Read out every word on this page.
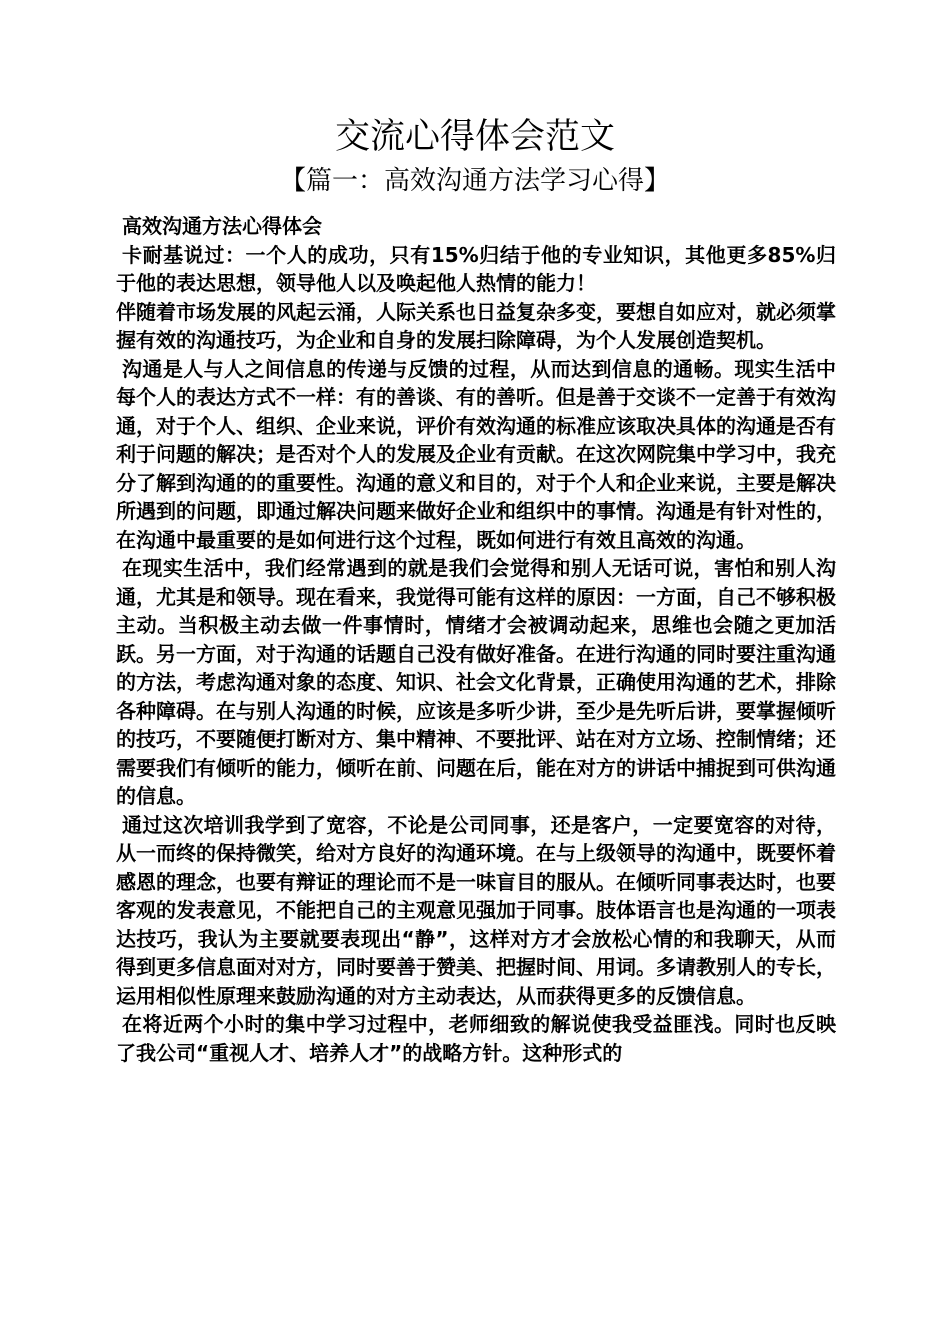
交流心得体会范文
【篇一：高效沟通方法学习心得】

高效沟通方法心得体会

卡耐基说过：一个人的成功，只有15%归结于他的专业知识，其他更多85%归于他的表达思想，领导他人以及唤起他人热情的能力！

伴随着市场发展的风起云涌，人际关系也日益复杂多变，要想自如应对，就必须掌握有效的沟通技巧，为企业和自身的发展扫除障碍，为个人发展创造契机。

沟通是人与人之间信息的传递与反馈的过程，从而达到信息的通畅。现实生活中每个人的表达方式不一样：有的善谈、有的善听。但是善于交谈不一定善于有效沟通，对于个人、组织、企业来说，评价有效沟通的标准应该取决具体的沟通是否有利于问题的解决；是否对个人的发展及企业有贡献。在这次网院集中学习中，我充分了解到沟通的的重要性。沟通的意义和目的，对于个人和企业来说，主要是解决所遇到的问题，即通过解决问题来做好企业和组织中的事情。沟通是有针对性的，在沟通中最重要的是如何进行这个过程，既如何进行有效且高效的沟通。

在现实生活中，我们经常遇到的就是我们会觉得和别人无话可说，害怕和别人沟通，尤其是和领导。现在看来，我觉得可能有这样的原因：一方面，自己不够积极主动。当积极主动去做一件事情时，情绪才会被调动起来，思维也会随之更加活跃。另一方面，对于沟通的话题自己没有做好准备。在进行沟通的同时要注重沟通的方法，考虑沟通对象的态度、知识、社会文化背景，正确使用沟通的艺术，排除各种障碍。在与别人沟通的时候，应该是多听少讲，至少是先听后讲，要掌握倾听的技巧，不要随便打断对方、集中精神、不要批评、站在对方立场、控制情绪；还需要我们有倾听的能力，倾听在前、问题在后，能在对方的讲话中捕捉到可供沟通的信息。

通过这次培训我学到了宽容，不论是公司同事，还是客户，一定要宽容的对待，从一而终的保持微笑，给对方良好的沟通环境。在与上级领导的沟通中，既要怀着感恩的理念，也要有辩证的理论而不是一味盲目的服从。在倾听同事表达时，也要客观的发表意见，不能把自己的主观意见强加于同事。肢体语言也是沟通的一项表达技巧，我认为主要就要表现出“静”，这样对方才会放松心情的和我聊天，从而得到更多信息面对对方，同时要善于赞美、把握时间、用词。多请教别人的专长，运用相似性原理来鼓励沟通的对方主动表达，从而获得更多的反馈信息。

在将近两个小时的集中学习过程中，老师细致的解说使我受益匪浅。同时也反映了我公司“重视人才、培养人才”的战略方针。这种形式的
